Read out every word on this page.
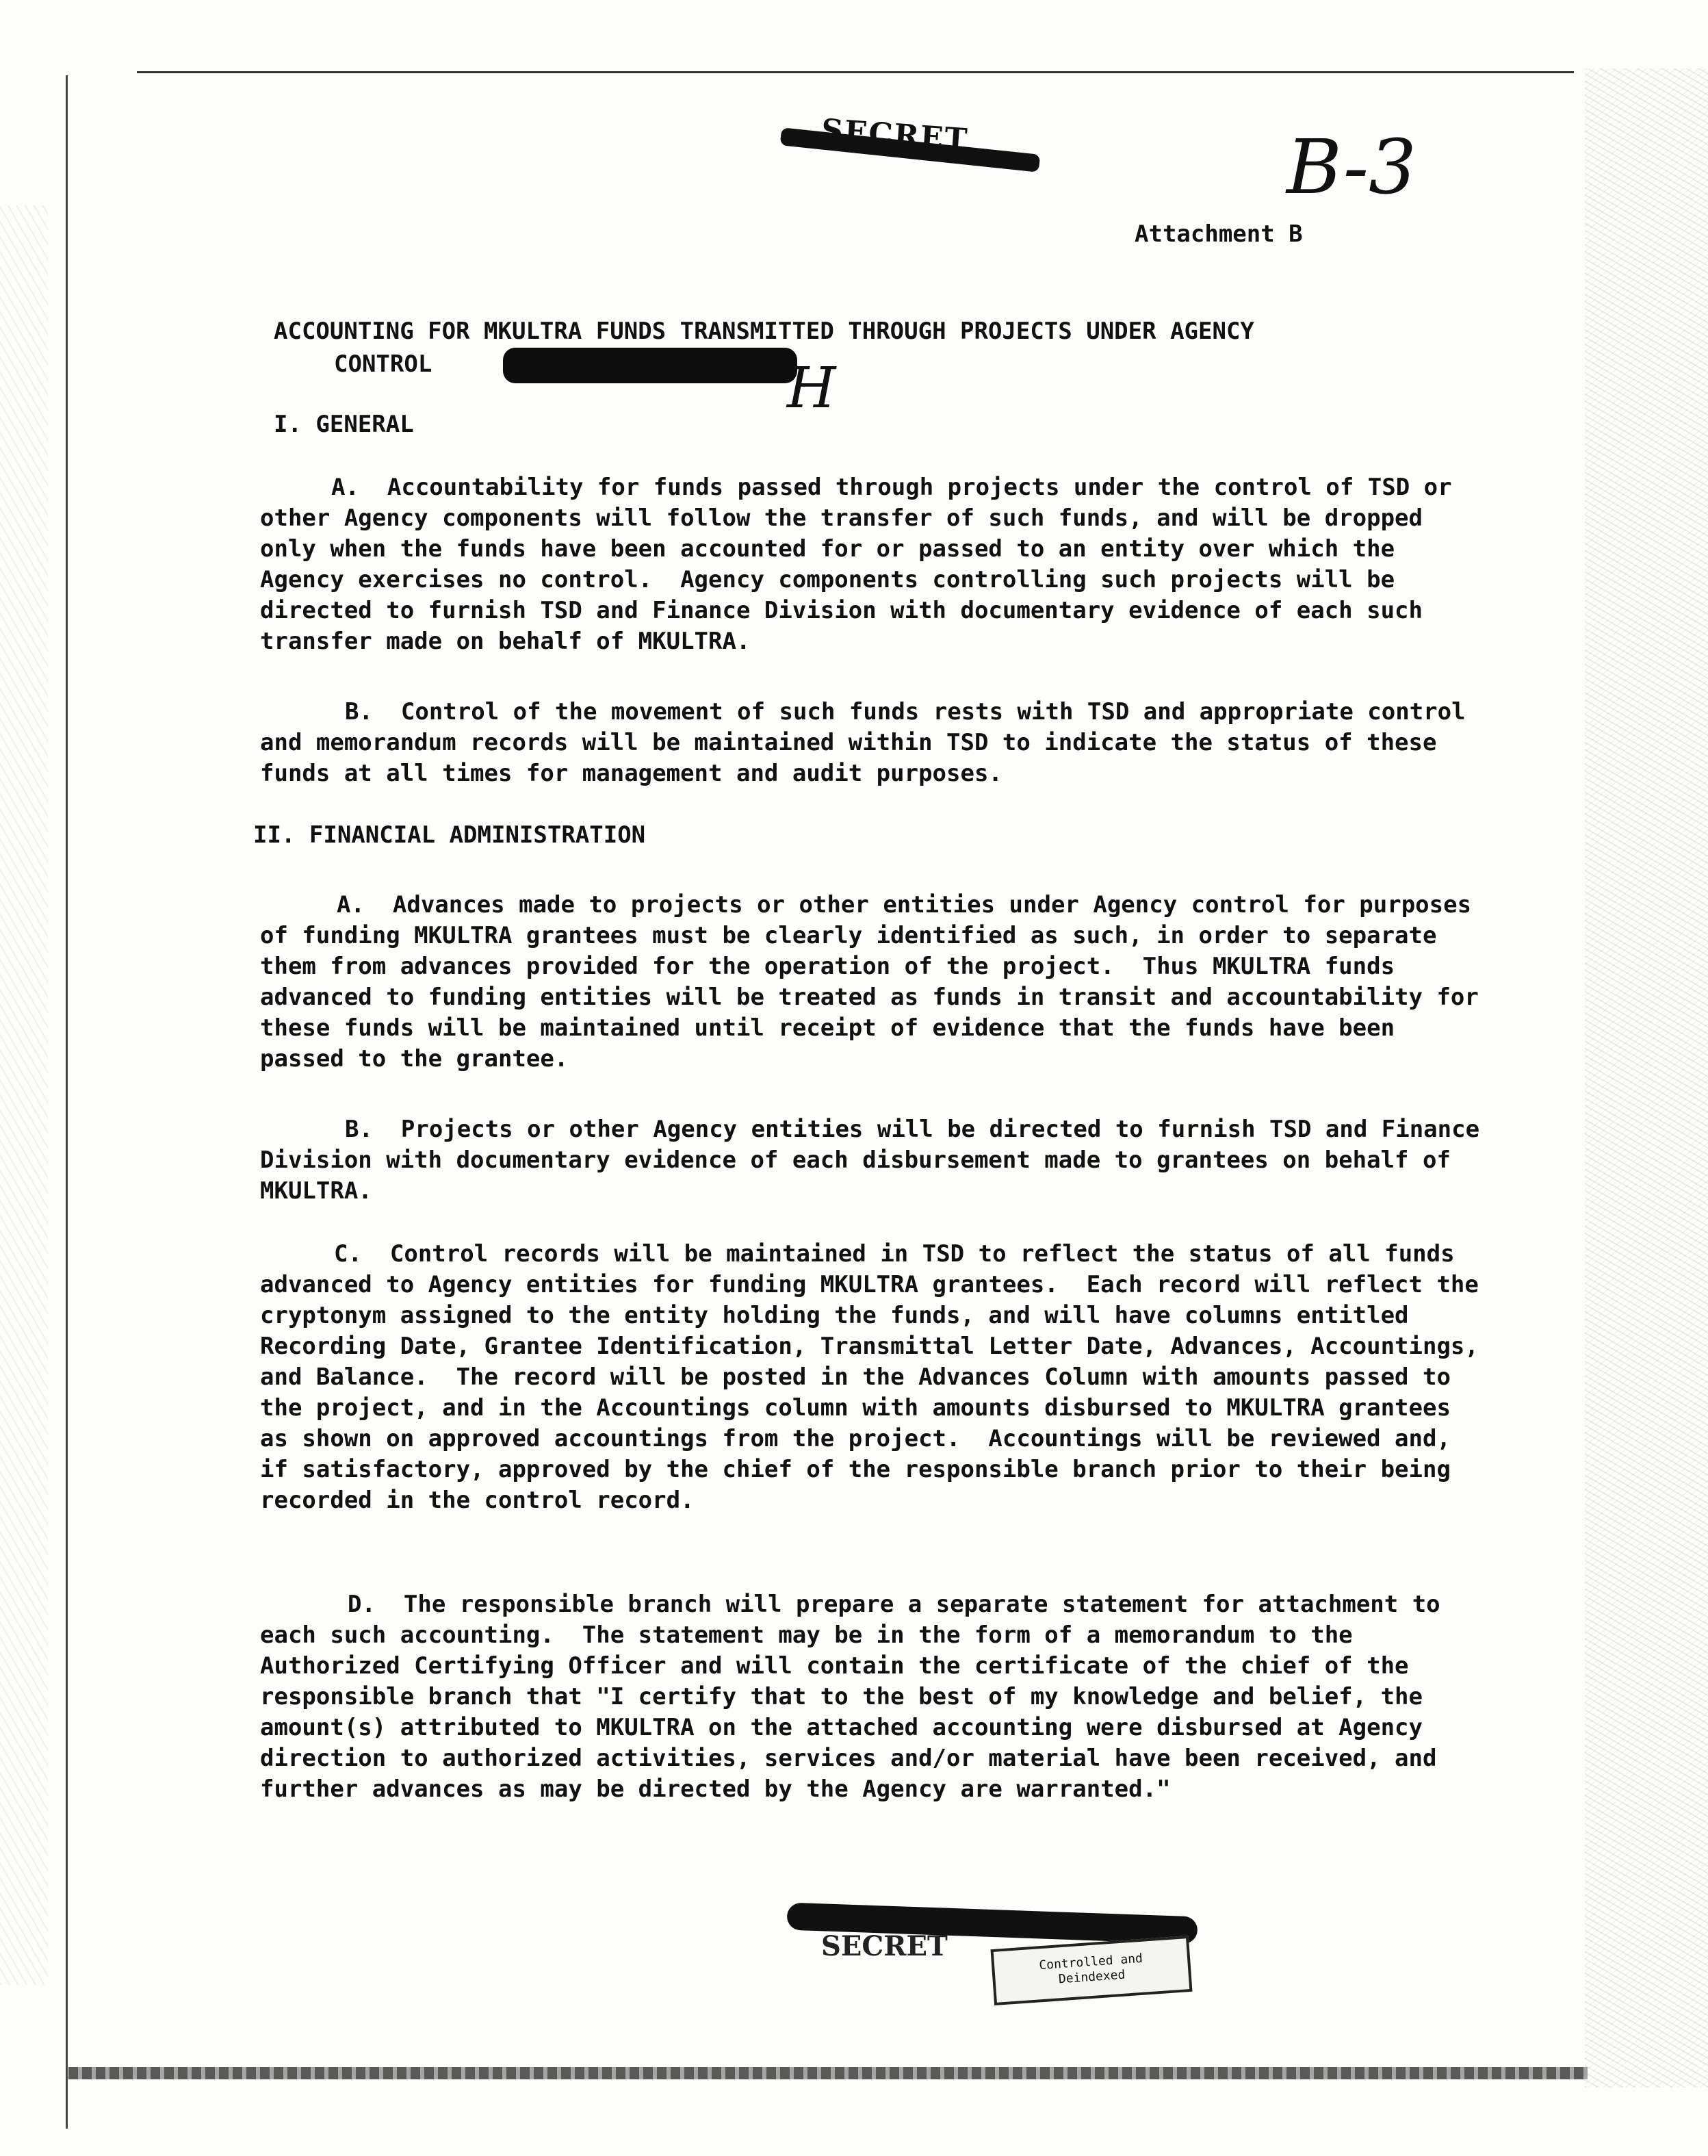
SECRET	B-3
Attachment B
ACCOUNTING FOR MKULTRA FUNDS TRANSMITTED THROUGH PROJECTS UNDER AGENCY
CONTROL	H
I. GENERAL
A.  Accountability for funds passed through projects under the control of TSD or other Agency components will follow the transfer of such funds, and will be dropped only when the funds have been accounted for or passed to an entity over which the Agency exercises no control.  Agency components controlling such projects will be directed to furnish TSD and Finance Division with documentary evidence of each such transfer made on behalf of MKULTRA.
B.  Control of the movement of such funds rests with TSD and appropriate control and memorandum records will be maintained within TSD to indicate the status of these funds at all times for management and audit purposes.
II. FINANCIAL ADMINISTRATION
A.  Advances made to projects or other entities under Agency control for purposes of funding MKULTRA grantees must be clearly identified as such, in order to separate them from advances provided for the operation of the project.  Thus MKULTRA funds advanced to funding entities will be treated as funds in transit and accountability for these funds will be maintained until receipt of evidence that the funds have been passed to the grantee.
B.  Projects or other Agency entities will be directed to furnish TSD and Finance Division with documentary evidence of each disbursement made to grantees on behalf of MKULTRA.
C.  Control records will be maintained in TSD to reflect the status of all funds advanced to Agency entities for funding MKULTRA grantees.  Each record will reflect the cryptonym assigned to the entity holding the funds, and will have columns entitled Recording Date, Grantee Identification, Transmittal Letter Date, Advances, Accountings, and Balance.  The record will be posted in the Advances Column with amounts passed to the project, and in the Accountings column with amounts disbursed to MKULTRA grantees as shown on approved accountings from the project.  Accountings will be reviewed and, if satisfactory, approved by the chief of the responsible branch prior to their being recorded in the control record.
D.  The responsible branch will prepare a separate statement for attachment to each such accounting.  The statement may be in the form of a memorandum to the Authorized Certifying Officer and will contain the certificate of the chief of the responsible branch that "I certify that to the best of my knowledge and belief, the amount(s) attributed to MKULTRA on the attached accounting were disbursed at Agency direction to authorized activities, services and/or material have been received, and further advances as may be directed by the Agency are warranted."
SECRET	Controlled and
Deindexed
